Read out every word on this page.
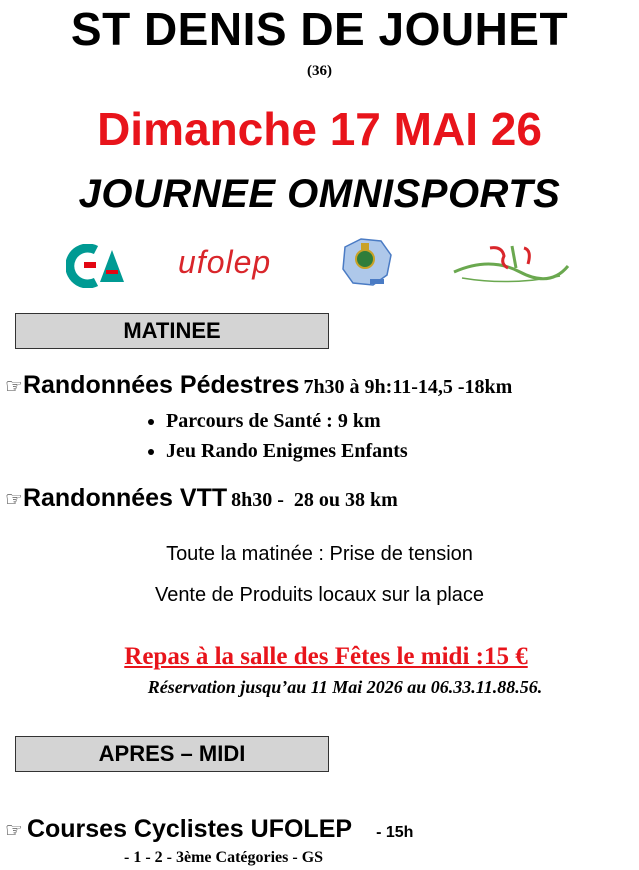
ST DENIS DE JOUHET
(36)
Dimanche 17 MAI 26
JOURNEE OMNISPORTS
ufolep
MATINEE
☞Randonnées Pédestres 7h30 à 9h:11-14,5 -18km
• Parcours de Santé : 9 km
• Jeu Rando Enigmes Enfants
☞Randonnées VTT 8h30 -  28 ou 38 km
Toute la matinée : Prise de tension
Vente de Produits locaux sur la place
Repas à la salle des Fêtes le midi :15 €
Réservation jusqu’au 11 Mai 2026 au 06.33.11.88.56.
APRES – MIDI
☞ Courses Cyclistes UFOLEP - 15h
- 1 - 2 - 3ème Catégories - GS
